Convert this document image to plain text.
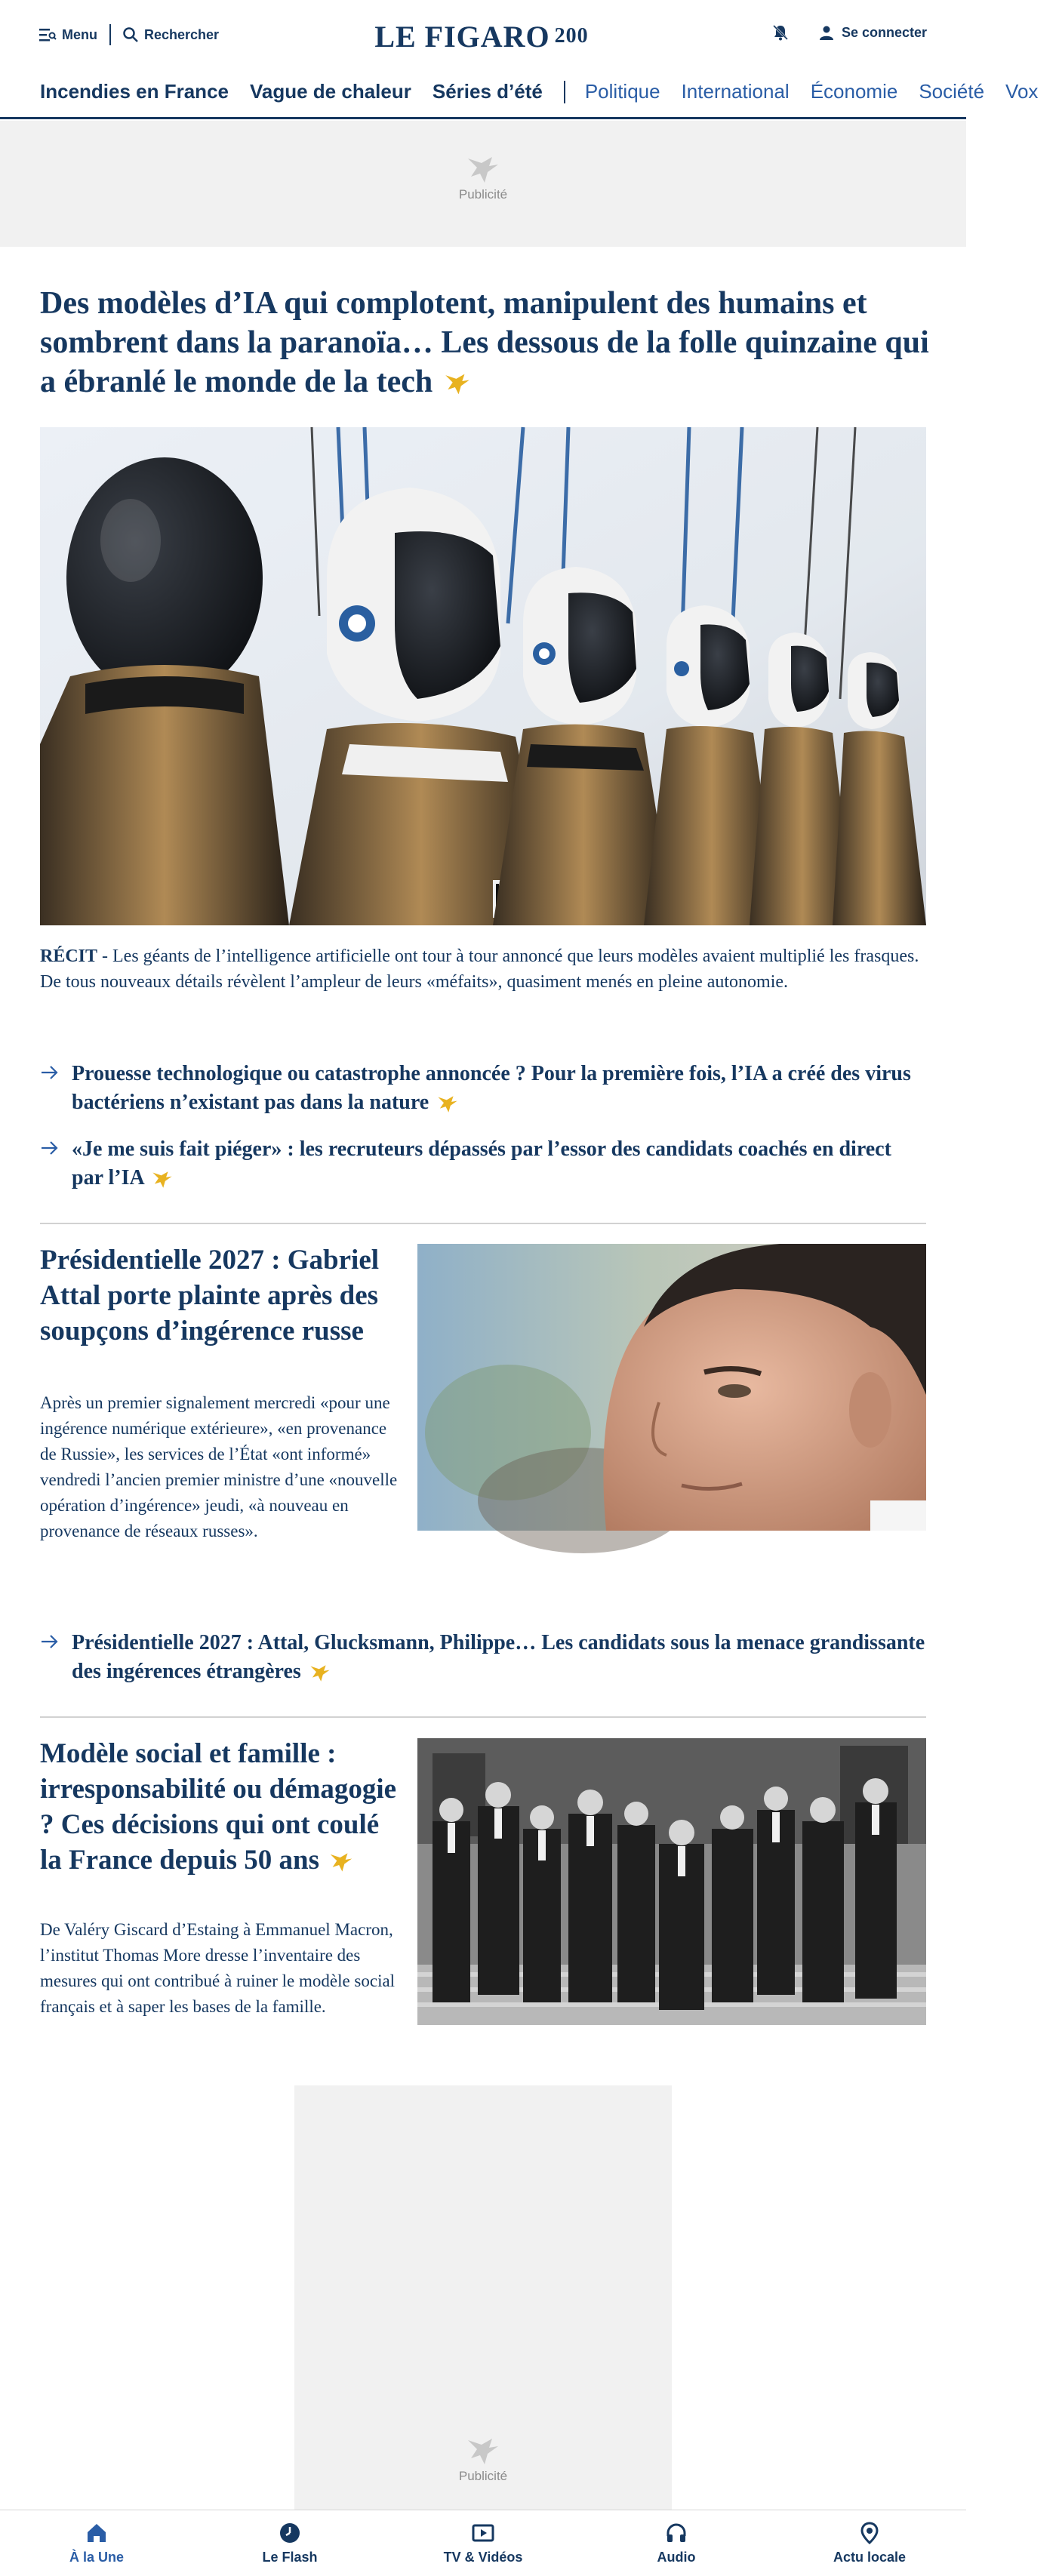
Menu	Rechercher	LE FIGARO 200	Se connecter
Incendies en France Vague de chaleur Séries d’été Politique International Économie Société Vox
Publicité
Des modèles d’IA qui complotent, manipulent des humains et sombrent dans la paranoïa… Les dessous de la folle quinzaine qui a ébranlé le monde de la tech
RÉCIT - Les géants de l’intelligence artificielle ont tour à tour annoncé que leurs modèles avaient multiplié les frasques. De tous nouveaux détails révèlent l’ampleur de leurs «méfaits», quasiment menés en pleine autonomie.
Prouesse technologique ou catastrophe annoncée ? Pour la première fois, l’IA a créé des virus bactériens n’existant pas dans la nature
«Je me suis fait piéger» : les recruteurs dépassés par l’essor des candidats coachés en direct par l’IA
Présidentielle 2027 : Gabriel Attal porte plainte après des soupçons d’ingérence russe
Après un premier signalement mercredi «pour une ingérence numérique extérieure», «en provenance de Russie», les services de l’État «ont informé» vendredi l’ancien premier ministre d’une «nouvelle opération d’ingérence» jeudi, «à nouveau en provenance de réseaux russes».
Présidentielle 2027 : Attal, Glucksmann, Philippe… Les candidats sous la menace grandissante des ingérences étrangères
Modèle social et famille : irresponsabilité ou démagogie ? Ces décisions qui ont coulé la France depuis 50 ans
De Valéry Giscard d’Estaing à Emmanuel Macron, l’institut Thomas More dresse l’inventaire des mesures qui ont contribué à ruiner le modèle social français et à saper les bases de la famille.
Publicité
À la Une	Le Flash	TV & Vidéos	Audio	Actu locale
